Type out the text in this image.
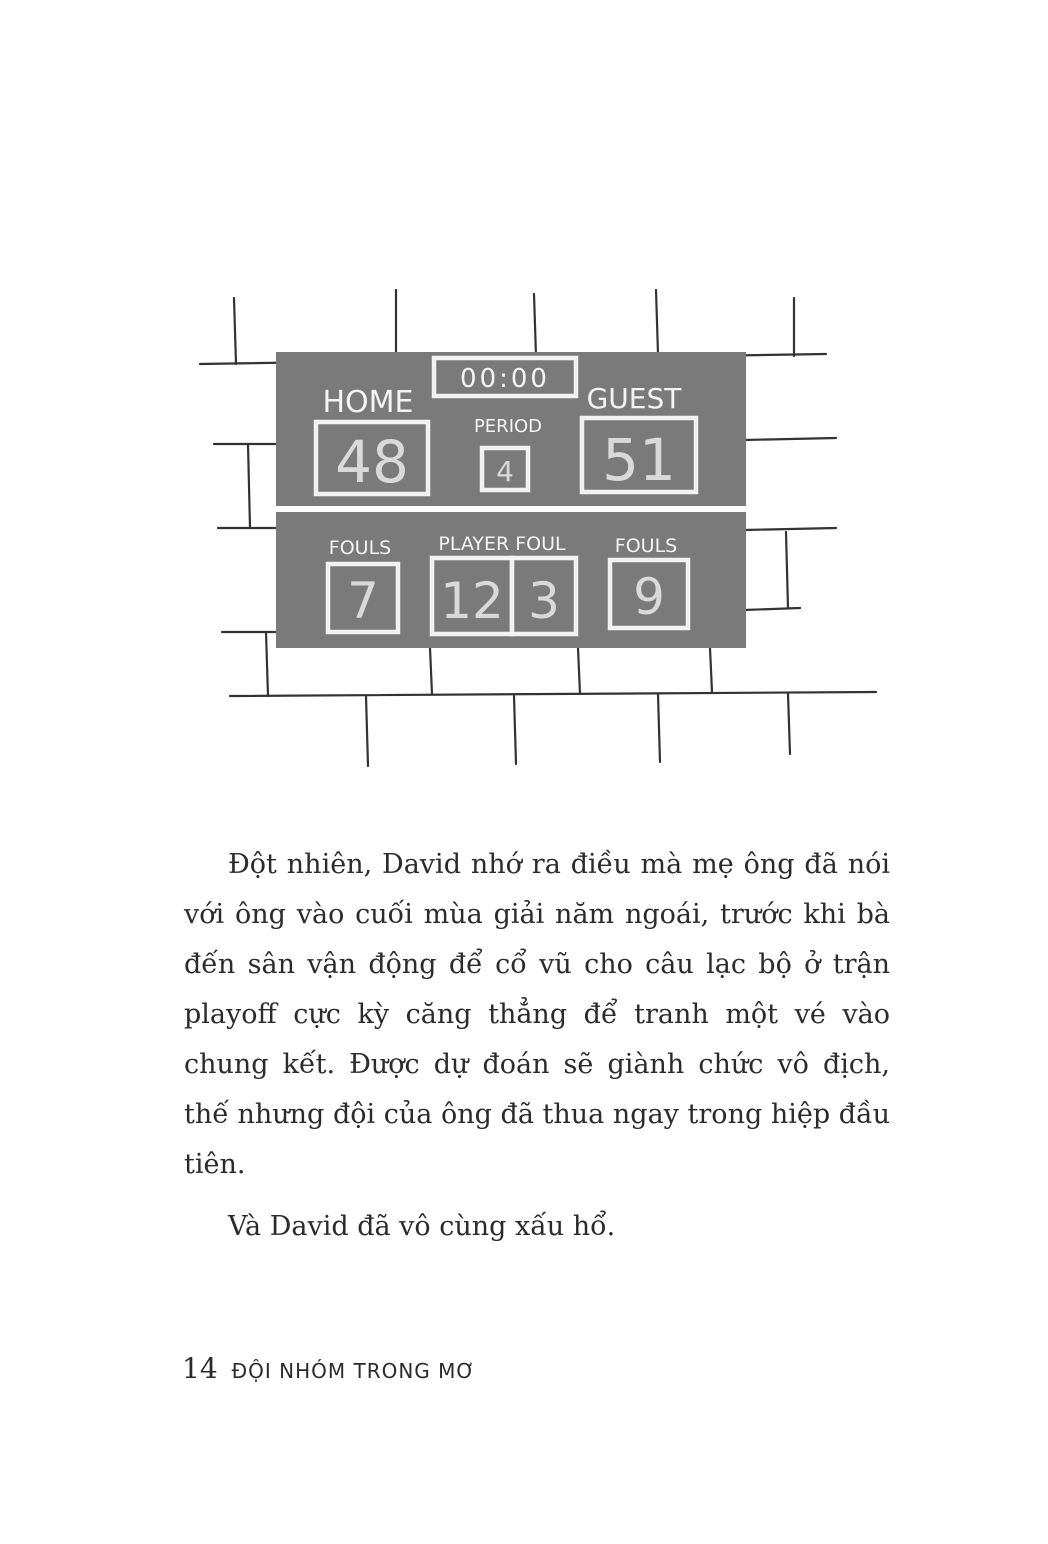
00:00
HOME
PERIOD
GUEST
48	4 51
FOULS PLAYER FOUL	FOULS
7 12 3 9

Đột nhiên, David nhớ ra điều mà mẹ ông đã nói với ông vào cuối mùa giải năm ngoái, trước khi bà đến sân vận động để cổ vũ cho câu lạc bộ ở trận playoff cực kỳ căng thẳng để tranh một vé vào chung kết. Được dự đoán sẽ giành chức vô địch, thế nhưng đội của ông đã thua ngay trong hiệp đầu tiên.

Và David đã vô cùng xấu hổ.

14 ĐỘI NHÓM TRONG MƠ
